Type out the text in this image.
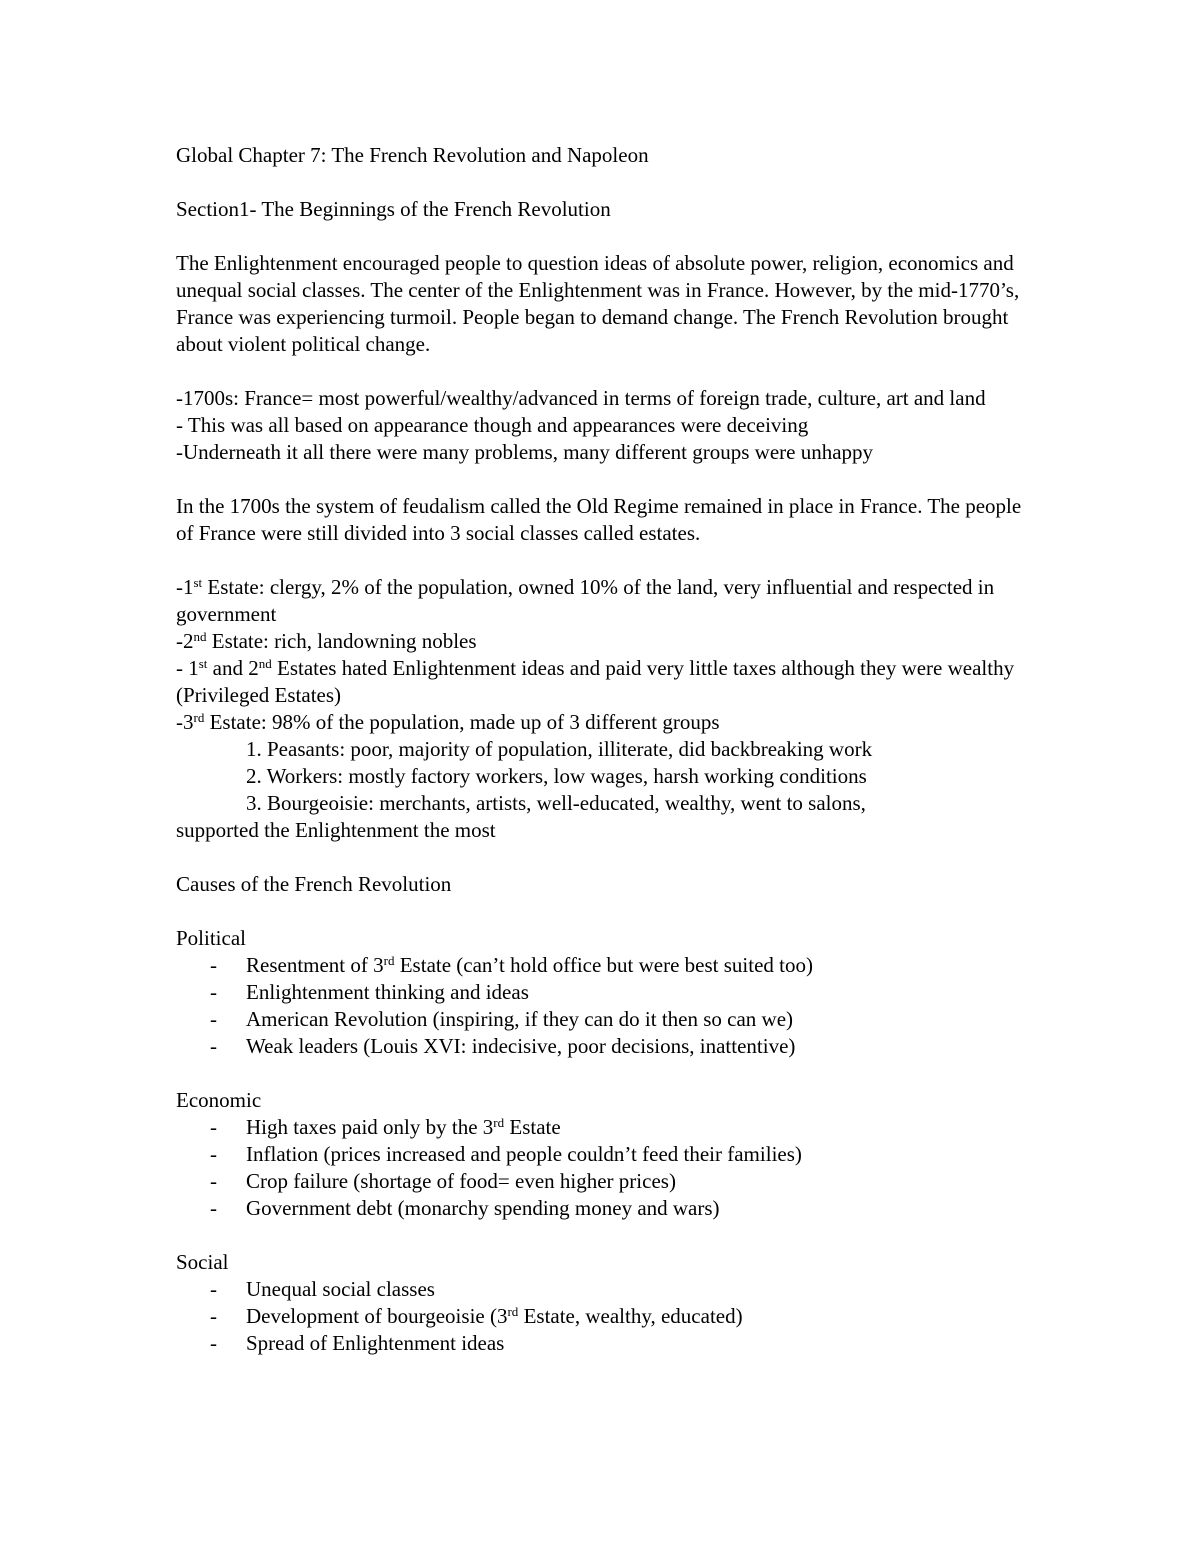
Global Chapter 7: The French Revolution and Napoleon

Section1- The Beginnings of the French Revolution

The Enlightenment encouraged people to question ideas of absolute power, religion, economics and unequal social classes. The center of the Enlightenment was in France. However, by the mid-1770’s, France was experiencing turmoil. People began to demand change. The French Revolution brought about violent political change.

-1700s: France= most powerful/wealthy/advanced in terms of foreign trade, culture, art and land

- This was all based on appearance though and appearances were deceiving

-Underneath it all there were many problems, many different groups were unhappy

In the 1700s the system of feudalism called the Old Regime remained in place in France. The people of France were still divided into 3 social classes called estates.

-1st Estate: clergy, 2% of the population, owned 10% of the land, very influential and respected in government

-2nd Estate: rich, landowning nobles

- 1st and 2nd Estates hated Enlightenment ideas and paid very little taxes although they were wealthy (Privileged Estates)

-3rd Estate: 98% of the population, made up of 3 different groups

1. Peasants: poor, majority of population, illiterate, did backbreaking work

2. Workers: mostly factory workers, low wages, harsh working conditions

3. Bourgeoisie: merchants, artists, well-educated, wealthy, went to salons,

supported the Enlightenment the most

Causes of the French Revolution

Political

- Resentment of 3rd Estate (can’t hold office but were best suited too)
- Enlightenment thinking and ideas
- American Revolution (inspiring, if they can do it then so can we)
- Weak leaders (Louis XVI: indecisive, poor decisions, inattentive)

Economic

- High taxes paid only by the 3rd Estate
- Inflation (prices increased and people couldn’t feed their families)
- Crop failure (shortage of food= even higher prices)
- Government debt (monarchy spending money and wars)

Social

- Unequal social classes
- Development of bourgeoisie (3rd Estate, wealthy, educated)
- Spread of Enlightenment ideas
